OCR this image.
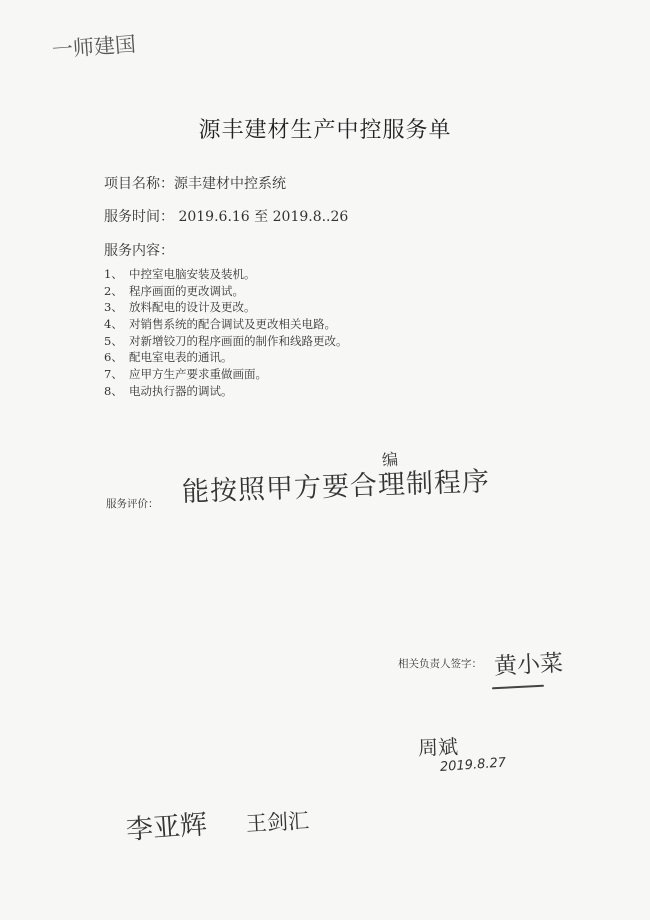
一师建国
源丰建材生产中控服务单
项目名称：源丰建材中控系统
服务时间： 2019.6.16 至 2019.8..26
服务内容：
1、 中控室电脑安装及装机。
2、 程序画面的更改调试。
3、 放料配电的设计及更改。
4、 对销售系统的配合调试及更改相关电路。
5、 对新增铰刀的程序画面的制作和线路更改。
6、 配电室电表的通讯。
7、 应甲方生产要求重做画面。
8、 电动执行器的调试。
服务评价：
编
能按照甲方要合理制程序
相关负责人签字： 黄小菜
周斌
2019.8.27
李亚辉 王剑汇
